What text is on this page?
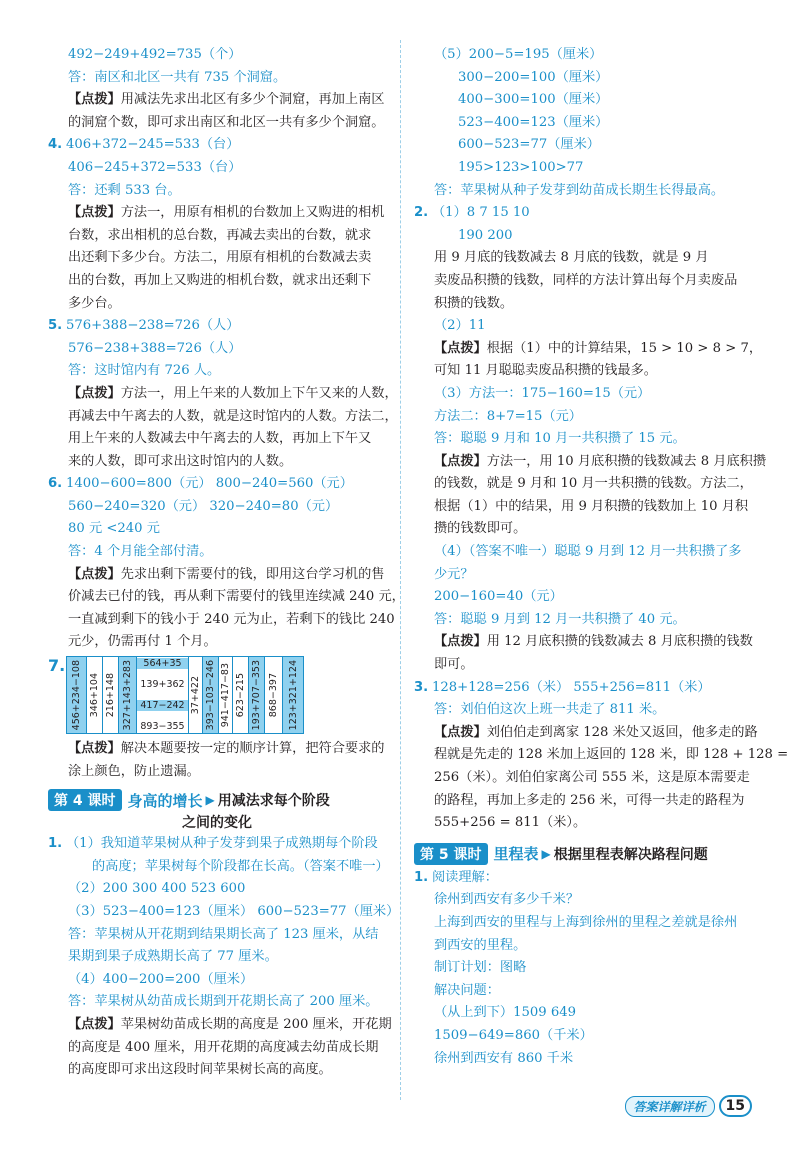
492−249+492=735（个）
答：南区和北区一共有 735 个洞窟。
【点拨】用减法先求出北区有多少个洞窟，再加上南区
的洞窟个数，即可求出南区和北区一共有多少个洞窟。
4. 406+372−245=533（台）
406−245+372=533（台）
答：还剩 533 台。
【点拨】方法一，用原有相机的台数加上又购进的相机
台数，求出相机的总台数，再减去卖出的台数，就求
出还剩下多少台。方法二，用原有相机的台数减去卖
出的台数，再加上又购进的相机台数，就求出还剩下
多少台。
5. 576+388−238=726（人）
576−238+388=726（人）
答：这时馆内有 726 人。
【点拨】方法一，用上午来的人数加上下午又来的人数，
再减去中午离去的人数，就是这时馆内的人数。方法二，
用上午来的人数减去中午离去的人数，再加上下午又
来的人数，即可求出这时馆内的人数。
6. 1400−600=800（元） 800−240=560（元）
560−240=320（元） 320−240=80（元）
80 元 <240 元
答：4 个月能全部付清。
【点拨】先求出剩下需要付的钱，即用这台学习机的售
价减去已付的钱，再从剩下需要付的钱里连续减 240 元，
一直减到剩下的钱小于 240 元为止，若剩下的钱比 240
元少，仍需再付 1 个月。
7. 456+234−108 346+104 216+148 327+143+283	564+35
139+362
417−242
893−355
37+422 393−103−246 941−417−83 623−215 193+707−353 868−397 123+321+124
【点拨】解决本题要按一定的顺序计算，把符合要求的
涂上颜色，防止遗漏。
第 4 课时 身高的增长 ▶ 用减法求每个阶段
之间的变化
1. （1）我知道苹果树从种子发芽到果子成熟期每个阶段
的高度；苹果树每个阶段都在长高。（答案不唯一）
（2）200 300 400 523 600
（3）523−400=123（厘米） 600−523=77（厘米）
答：苹果树从开花期到结果期长高了 123 厘米，从结
果期到果子成熟期长高了 77 厘米。
（4）400−200=200（厘米）
答：苹果树从幼苗成长期到开花期长高了 200 厘米。
【点拨】苹果树幼苗成长期的高度是 200 厘米，开花期
的高度是 400 厘米，用开花期的高度减去幼苗成长期
的高度即可求出这段时间苹果树长高的高度。
（5）200−5=195（厘米）
300−200=100（厘米）
400−300=100（厘米）
523−400=123（厘米）
600−523=77（厘米）
195>123>100>77
答：苹果树从种子发芽到幼苗成长期生长得最高。
2. （1）8 7 15 10
190 200
用 9 月底的钱数减去 8 月底的钱数，就是 9 月
卖废品积攒的钱数，同样的方法计算出每个月卖废品
积攒的钱数。
（2）11
【点拨】根据（1）中的计算结果，15 > 10 > 8 > 7，
可知 11 月聪聪卖废品积攒的钱最多。
（3）方法一：175−160=15（元）
方法二：8+7=15（元）
答：聪聪 9 月和 10 月一共积攒了 15 元。
【点拨】方法一，用 10 月底积攒的钱数减去 8 月底积攒
的钱数，就是 9 月和 10 月一共积攒的钱数。方法二，
根据（1）中的结果，用 9 月积攒的钱数加上 10 月积
攒的钱数即可。
（4）（答案不唯一）聪聪 9 月到 12 月一共积攒了多
少元？
200−160=40（元）
答：聪聪 9 月到 12 月一共积攒了 40 元。
【点拨】用 12 月底积攒的钱数减去 8 月底积攒的钱数
即可。
3. 128+128=256（米） 555+256=811（米）
答：刘伯伯这次上班一共走了 811 米。
【点拨】刘伯伯走到离家 128 米处又返回，他多走的路
程就是先走的 128 米加上返回的 128 米，即 128 + 128 =
256（米）。刘伯伯家离公司 555 米，这是原本需要走
的路程，再加上多走的 256 米，可得一共走的路程为
555+256 = 811（米）。
第 5 课时 里程表 ▶ 根据里程表解决路程问题
1. 阅读理解：
徐州到西安有多少千米？
上海到西安的里程与上海到徐州的里程之差就是徐州
到西安的里程。
制订计划：图略
解决问题：
（从上到下）1509 649
1509−649=860（千米）
徐州到西安有 860 千米
答案详解详析	15
